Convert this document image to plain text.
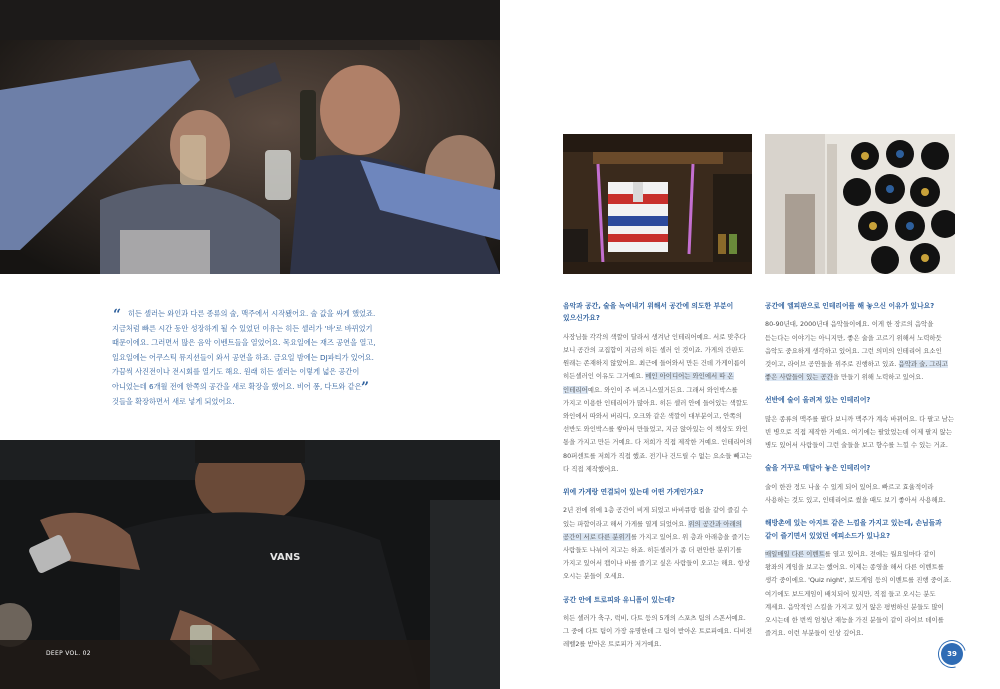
VANS
“ 히든 셀러는 와인과 다른 종류의 술, 맥주에서 시작됐어요. 술 값을 싸게 했었죠. 지금처럼 빠른 시간 동안 성장하게 될 수 있었던 이유는 히든 셀러가 '바'로 바뀌었기 때문이에요. 그러면서 많은 음악 이벤트들을 열었어요. 목요일에는 재즈 공연을 열고, 일요일에는 어쿠스틱 뮤지션들이 와서 공연을 하죠. 금요일 밤에는 DJ파티가 있어요. 가끔씩 사진전이나 전시회를 열기도 해요. 원래 히든 셀러는 이렇게 넓은 공간이 아니었는데 6개월 전에 한쪽의 공간을 새로 확장을 했어요. 비어 퐁, 다트와 같은 것들을 확장하면서 새로 넣게 되었어요.

”
음악과 공간, 술을 녹여내기 위해서 공간에 의도한 부분이 있으신가요?

사장님들 각각의 색깔이 달라서 생겨난 인테리어예요. 서로 맞추다 보니 공간의 교집합이 지금의 히든 셀러 인 것이죠. 가게의 간판도 원래는 존재하지 않았어요. 최근에 들어와서 만든 건데 가게이름이 히든셀러인 이유도 그거예요. 메인 아이디어는 와인에서 따 온 인테리어예요. 와인이 주 비즈니스였거든요. 그래서 와인박스를 가지고 이용한 인테리어가 많아요. 히든 셀러 안에 들어있는 색깔도 와인에서 따와서 버리디, 오크와 같은 색깔이 대부분이고, 안쪽의 선반도 와인박스를 쌓아서 만들었고, 지금 앉아있는 이 책상도 와인 통을 가지고 만든 거예요. 다 저희가 직접 제작한 거예요. 인테리어의 80퍼센트를 저희가 직접 했죠. 전기나 건드릴 수 없는 요소들 빼고는 다 직접 제작했어요.

위에 가게랑 연결되어 있는데 어떤 가게인가요?

2년 전에 위에 1층 공간이 비게 되었고 바비큐랑 펍을 같이 즐길 수 있는 파합이라고 해서 가게를 열게 되었어요. 위의 공간과 아래의 공간이 서로 다른 분위기를 가지고 있어요. 위 층과 아래층을 즐기는 사람들도 나뉘어 지고는 하죠. 히든셀러가 좀 더 편안한 분위기를 가지고 있어서 캡이나 바를 즐기고 싶은 사람들이 오고는 해요. 항상 오시는 분들이 오세요.

공간 안에 트로피와 유니폼이 있는데?

히든 셀러가 축구, 럭비, 다트 등의 5개의 스포츠 팀의 스폰서예요. 그 중에 다트 팀이 가장 유명한데 그 팀이 받아온 트로피예요. 디비전 레벨2를 받아온 트로피가 저거예요.

공간에 엘피판으로 인테리어를 해 놓으신 이유가 있나요?

80-90년대, 2000년대 음악들이에요. 이게 한 장르의 음악을 듣는다는 이야기는 아니지만, 좋은 술을 고르기 위해서 노력하듯 음악도 중요하게 생각하고 있어요. 그런 의미의 인테리어 요소인 것이고, 라이브 공연들을 위주로 진행하고 있죠. 음악과 술, 그리고 좋은 사람들이 있는 공간을 만들기 위해 노력하고 있어요.

선반에 술이 올려져 있는 인테리어?

많은 종류의 맥주를 팔다 보니까 맥주가 계속 바뀌어요. 다 팔고 남는 빈 병으로 직접 제작한 거예요. 여기에는 팔았었는데 이제 팔지 않는 병도 있어서 사람들이 그런 술들을 보고 향수를 느낄 수 있는 거죠.

술을 거꾸로 매달아 놓은 인테리어?

술이 한잔 정도 나올 수 있게 되어 있어요. 빠르고 효율적이라 사용하는 것도 있고, 인테리어로 썼을 때도 보기 좋아서 사용해요.

해방촌에 있는 아지트 같은 느낌을 가지고 있는데, 손님들과 같이 즐기면서 있었던 에피소드가 있나요?

매일매일 다른 이벤트를 열고 있어요. 전에는 월요일마다 같이 왕좌의 게임을 보고는 했어요. 이제는 종영을 해서 다른 이벤트를 생각 중이에요. 'Quiz night', 보드게임 등의 이벤트를 진행 중이죠. 여기에도 보드게임이 배치되어 있지만, 직접 들고 오시는 분도 계세요. 음악적인 스킬을 가지고 있거 않은 평범하신 분들도 많이 오시는데 한 번씩 엄청난 재능을 가진 분들이 같이 라이브 데이를 즐겨요. 이런 부분들이 인상 깊어요.

DEEP VOL. 02	39
